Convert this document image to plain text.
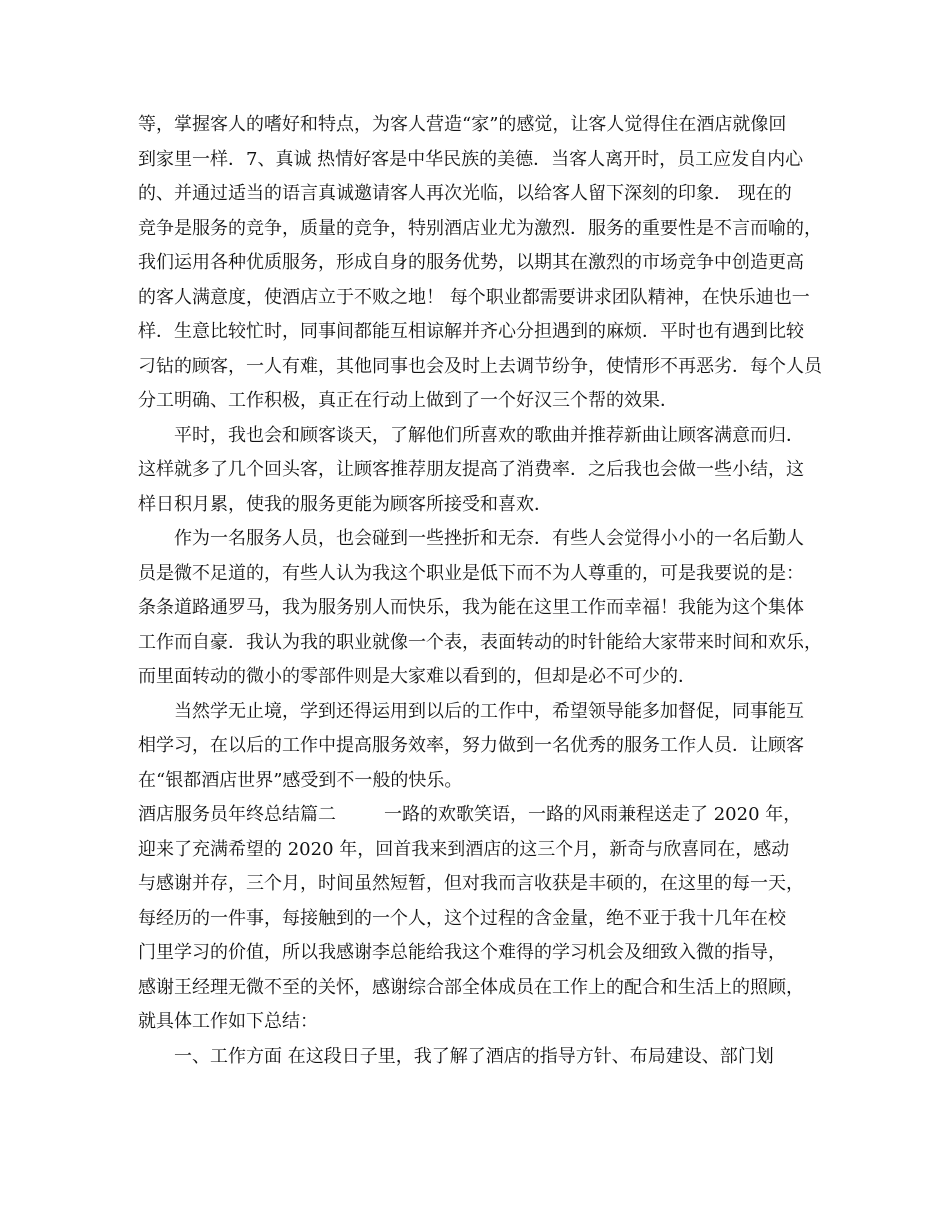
等，掌握客人的嗜好和特点，为客人营造“家”的感觉，让客人觉得住在酒店就像回
到家里一样．7、真诚 热情好客是中华民族的美德．当客人离开时，员工应发自内心
的、并通过适当的语言真诚邀请客人再次光临，以给客人留下深刻的印象． 现在的
竞争是服务的竞争，质量的竞争，特别酒店业尤为激烈．服务的重要性是不言而喻的，
我们运用各种优质服务，形成自身的服务优势，以期其在激烈的市场竞争中创造更高
的客人满意度，使酒店立于不败之地！ 每个职业都需要讲求团队精神，在快乐迪也一
样．生意比较忙时，同事间都能互相谅解并齐心分担遇到的麻烦．平时也有遇到比较
刁钻的顾客，一人有难，其他同事也会及时上去调节纷争，使情形不再恶劣．每个人员
分工明确、工作积极，真正在行动上做到了一个好汉三个帮的效果．

平时，我也会和顾客谈天，了解他们所喜欢的歌曲并推荐新曲让顾客满意而归．
这样就多了几个回头客，让顾客推荐朋友提高了消费率．之后我也会做一些小结，这
样日积月累，使我的服务更能为顾客所接受和喜欢．

作为一名服务人员，也会碰到一些挫折和无奈．有些人会觉得小小的一名后勤人
员是微不足道的，有些人认为我这个职业是低下而不为人尊重的，可是我要说的是：
条条道路通罗马，我为服务别人而快乐，我为能在这里工作而幸福！我能为这个集体
工作而自豪．我认为我的职业就像一个表，表面转动的时针能给大家带来时间和欢乐，
而里面转动的微小的零部件则是大家难以看到的，但却是必不可少的．

当然学无止境，学到还得运用到以后的工作中，希望领导能多加督促，同事能互
相学习，在以后的工作中提高服务效率，努力做到一名优秀的服务工作人员．让顾客
在“银都酒店世界”感受到不一般的快乐。

酒店服务员年终总结篇二	一路的欢歌笑语，一路的风雨兼程送走了 2020 年，
迎来了充满希望的 2020 年，回首我来到酒店的这三个月，新奇与欣喜同在，感动
与感谢并存，三个月，时间虽然短暂，但对我而言收获是丰硕的，在这里的每一天，
每经历的一件事，每接触到的一个人，这个过程的含金量，绝不亚于我十几年在校
门里学习的价值，所以我感谢李总能给我这个难得的学习机会及细致入微的指导，
感谢王经理无微不至的关怀，感谢综合部全体成员在工作上的配合和生活上的照顾，
就具体工作如下总结：

一、工作方面 在这段日子里，我了解了酒店的指导方针、布局建设、部门划
